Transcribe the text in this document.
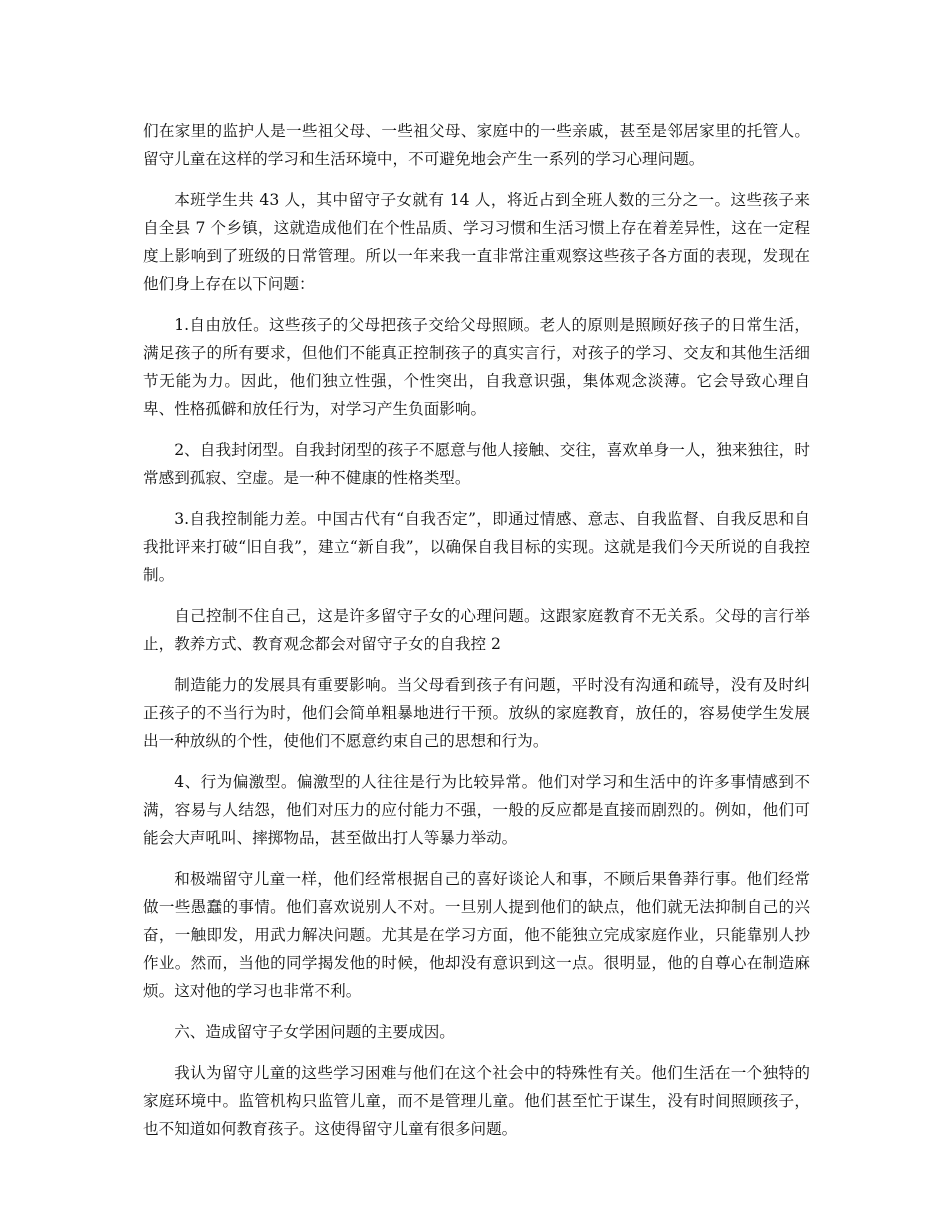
们在家里的监护人是一些祖父母、一些祖父母、家庭中的一些亲戚，甚至是邻居家里的托管人。留守儿童在这样的学习和生活环境中，不可避免地会产生一系列的学习心理问题。

本班学生共 43 人，其中留守子女就有 14 人，将近占到全班人数的三分之一。这些孩子来自全县 7 个乡镇，这就造成他们在个性品质、学习习惯和生活习惯上存在着差异性，这在一定程度上影响到了班级的日常管理。所以一年来我一直非常注重观察这些孩子各方面的表现，发现在他们身上存在以下问题：

1.自由放任。这些孩子的父母把孩子交给父母照顾。老人的原则是照顾好孩子的日常生活，满足孩子的所有要求，但他们不能真正控制孩子的真实言行，对孩子的学习、交友和其他生活细节无能为力。因此，他们独立性强，个性突出，自我意识强，集体观念淡薄。它会导致心理自卑、性格孤僻和放任行为，对学习产生负面影响。

2、自我封闭型。自我封闭型的孩子不愿意与他人接触、交往，喜欢单身一人，独来独往，时常感到孤寂、空虚。是一种不健康的性格类型。

3.自我控制能力差。中国古代有“自我否定”，即通过情感、意志、自我监督、自我反思和自我批评来打破“旧自我”，建立“新自我”，以确保自我目标的实现。这就是我们今天所说的自我控制。

自己控制不住自己，这是许多留守子女的心理问题。这跟家庭教育不无关系。父母的言行举止，教养方式、教育观念都会对留守子女的自我控 2

制造能力的发展具有重要影响。当父母看到孩子有问题，平时没有沟通和疏导，没有及时纠正孩子的不当行为时，他们会简单粗暴地进行干预。放纵的家庭教育，放任的，容易使学生发展出一种放纵的个性，使他们不愿意约束自己的思想和行为。

4、行为偏激型。偏激型的人往往是行为比较异常。他们对学习和生活中的许多事情感到不满，容易与人结怨，他们对压力的应付能力不强，一般的反应都是直接而剧烈的。例如，他们可能会大声吼叫、摔掷物品，甚至做出打人等暴力举动。

和极端留守儿童一样，他们经常根据自己的喜好谈论人和事，不顾后果鲁莽行事。他们经常做一些愚蠢的事情。他们喜欢说别人不对。一旦别人提到他们的缺点，他们就无法抑制自己的兴奋，一触即发，用武力解决问题。尤其是在学习方面，他不能独立完成家庭作业，只能靠别人抄作业。然而，当他的同学揭发他的时候，他却没有意识到这一点。很明显，他的自尊心在制造麻烦。这对他的学习也非常不利。

六、造成留守子女学困问题的主要成因。

我认为留守儿童的这些学习困难与他们在这个社会中的特殊性有关。他们生活在一个独特的家庭环境中。监管机构只监管儿童，而不是管理儿童。他们甚至忙于谋生，没有时间照顾孩子，也不知道如何教育孩子。这使得留守儿童有很多问题。
